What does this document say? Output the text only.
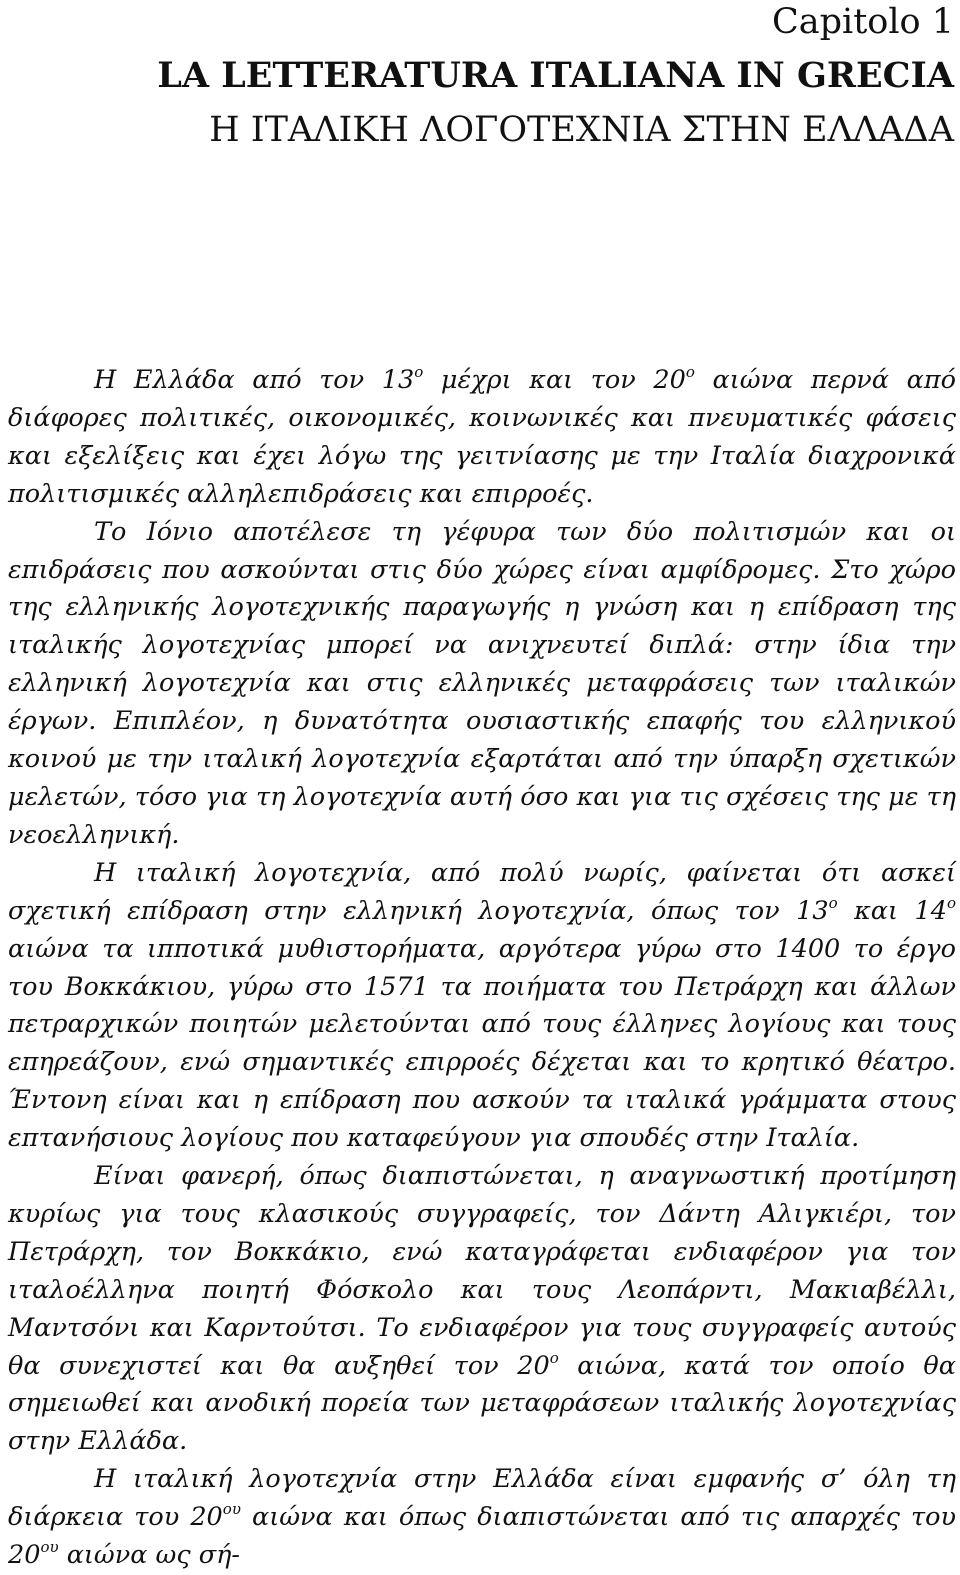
Capitolo 1
LA LETTERATURA ITALIANA IN GRECIA
Η ΙΤΑΛΙΚΗ ΛΟΓΟΤΕΧΝΙΑ ΣΤΗΝ ΕΛΛΑΔΑ

Η Ελλάδα από τον $13^o$ μέχρι και τον $20^o$ αιώνα περνά από διάφορες πολιτικές, οικονομικές, κοινωνικές και πνευματικές φάσεις και εξελίξεις και έχει λόγω της γειτνίασης με την Ιταλία διαχρονικά πολιτισμικές αλληλεπιδράσεις και επιρροές.

Το Ιόνιο αποτέλεσε τη γέφυρα των δύο πολιτισμών και οι επιδράσεις που ασκούνται στις δύο χώρες είναι αμφίδρομες. Στο χώρο της ελληνικής λογοτεχνικής παραγωγής η γνώση και η επίδραση της ιταλικής λογοτεχνίας μπορεί να ανιχνευτεί διπλά: στην ίδια την ελληνική λογοτεχνία και στις ελληνικές μεταφράσεις των ιταλικών έργων. Επιπλέον, η δυνατότητα ουσιαστικής επαφής του ελληνικού κοινού με την ιταλική λογοτεχνία εξαρτάται από την ύπαρξη σχετικών μελετών, τόσο για τη λογοτεχνία αυτή όσο και για τις σχέσεις της με τη νεοελληνική.

Η ιταλική λογοτεχνία, από πολύ νωρίς, φαίνεται ότι ασκεί σχετική επίδραση στην ελληνική λογοτεχνία, όπως τον $13^o$ και $14^o$ αιώνα τα ιπποτικά μυθιστορήματα, αργότερα γύρω στο 1400 το έργο του Βοκκάκιου, γύρω στο 1571 τα ποιήματα του Πετράρχη και άλλων πετραρχικών ποιητών μελετούνται από τους έλληνες λογίους και τους επηρεάζουν, ενώ σημαντικές επιρροές δέχεται και το κρητικό θέατρο. Έντονη είναι και η επίδραση που ασκούν τα ιταλικά γράμματα στους επτανήσιους λογίους που καταφεύγουν για σπουδές στην Ιταλία.

Είναι φανερή, όπως διαπιστώνεται, η αναγνωστική προτίμηση κυρίως για τους κλασικούς συγγραφείς, τον Δάντη Αλιγκιέρι, τον Πετράρχη, τον Βοκκάκιο, ενώ καταγράφεται ενδιαφέρον για τον ιταλοέλληνα ποιητή Φόσκολο και τους Λεοπάρντι, Μακιαβέλλι, Μαντσόνι και Καρντούτσι. Το ενδιαφέρον για τους συγγραφείς αυτούς θα συνεχιστεί και θα αυξηθεί τον $20^o$ αιώνα, κατά τον οποίο θα σημειωθεί και ανοδική πορεία των μεταφράσεων ιταλικής λογοτεχνίας στην Ελλάδα.

Η ιταλική λογοτεχνία στην Ελλάδα είναι εμφανής σ’ όλη τη διάρκεια του $20^{o\upsilon}$ αιώνα και όπως διαπιστώνεται από τις απαρχές του $20^{o\upsilon}$ αιώνα ως σή-
